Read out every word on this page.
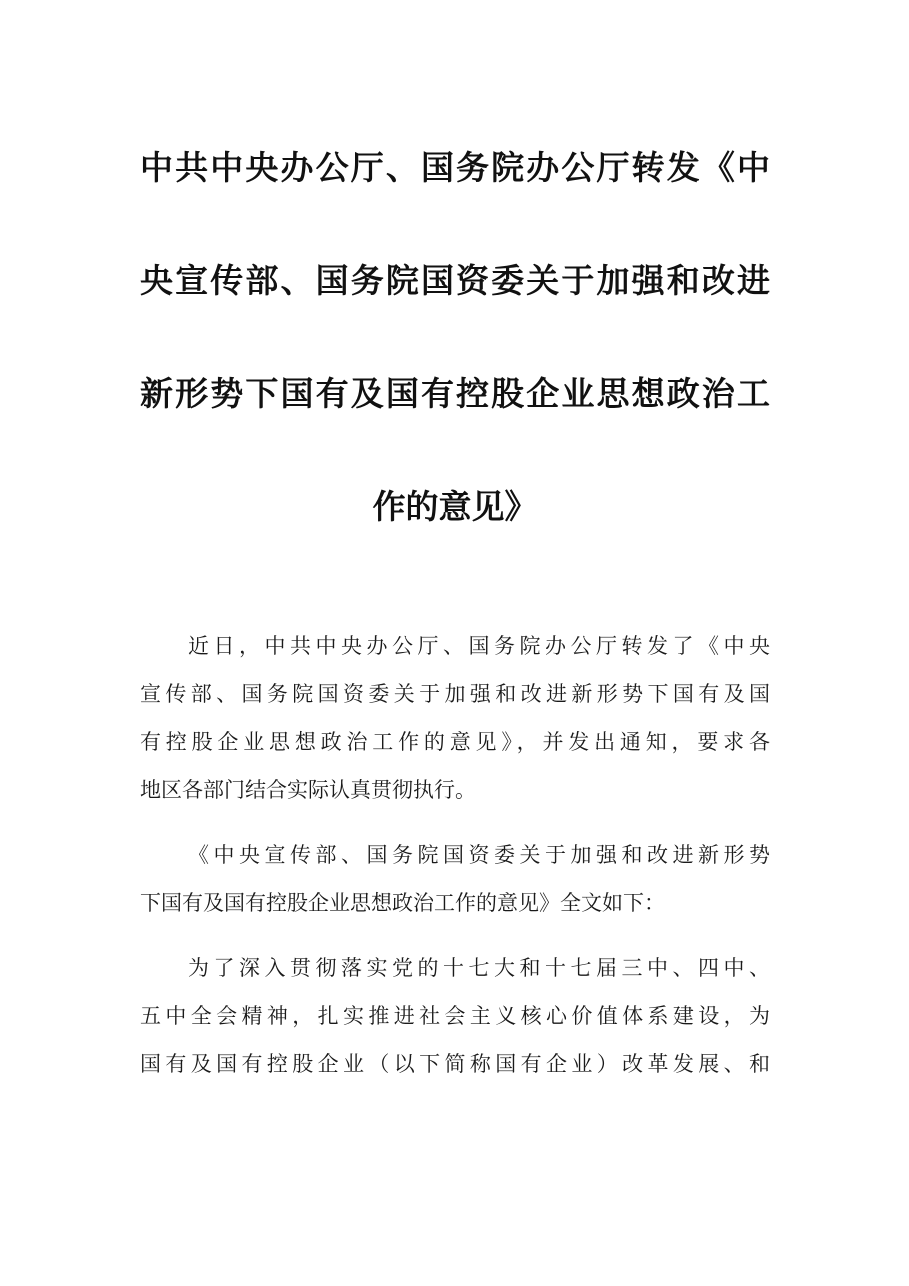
中共中央办公厅、国务院办公厅转发《中
央宣传部、国务院国资委关于加强和改进
新形势下国有及国有控股企业思想政治工
作的意见》
近日，中共中央办公厅、国务院办公厅转发了《中央
宣传部、国务院国资委关于加强和改进新形势下国有及国
有控股企业思想政治工作的意见》，并发出通知，要求各
地区各部门结合实际认真贯彻执行。
《中央宣传部、国务院国资委关于加强和改进新形势
下国有及国有控股企业思想政治工作的意见》全文如下：
为了深入贯彻落实党的十七大和十七届三中、四中、
五中全会精神，扎实推进社会主义核心价值体系建设，为
国有及国有控股企业（以下简称国有企业）改革发展、和
